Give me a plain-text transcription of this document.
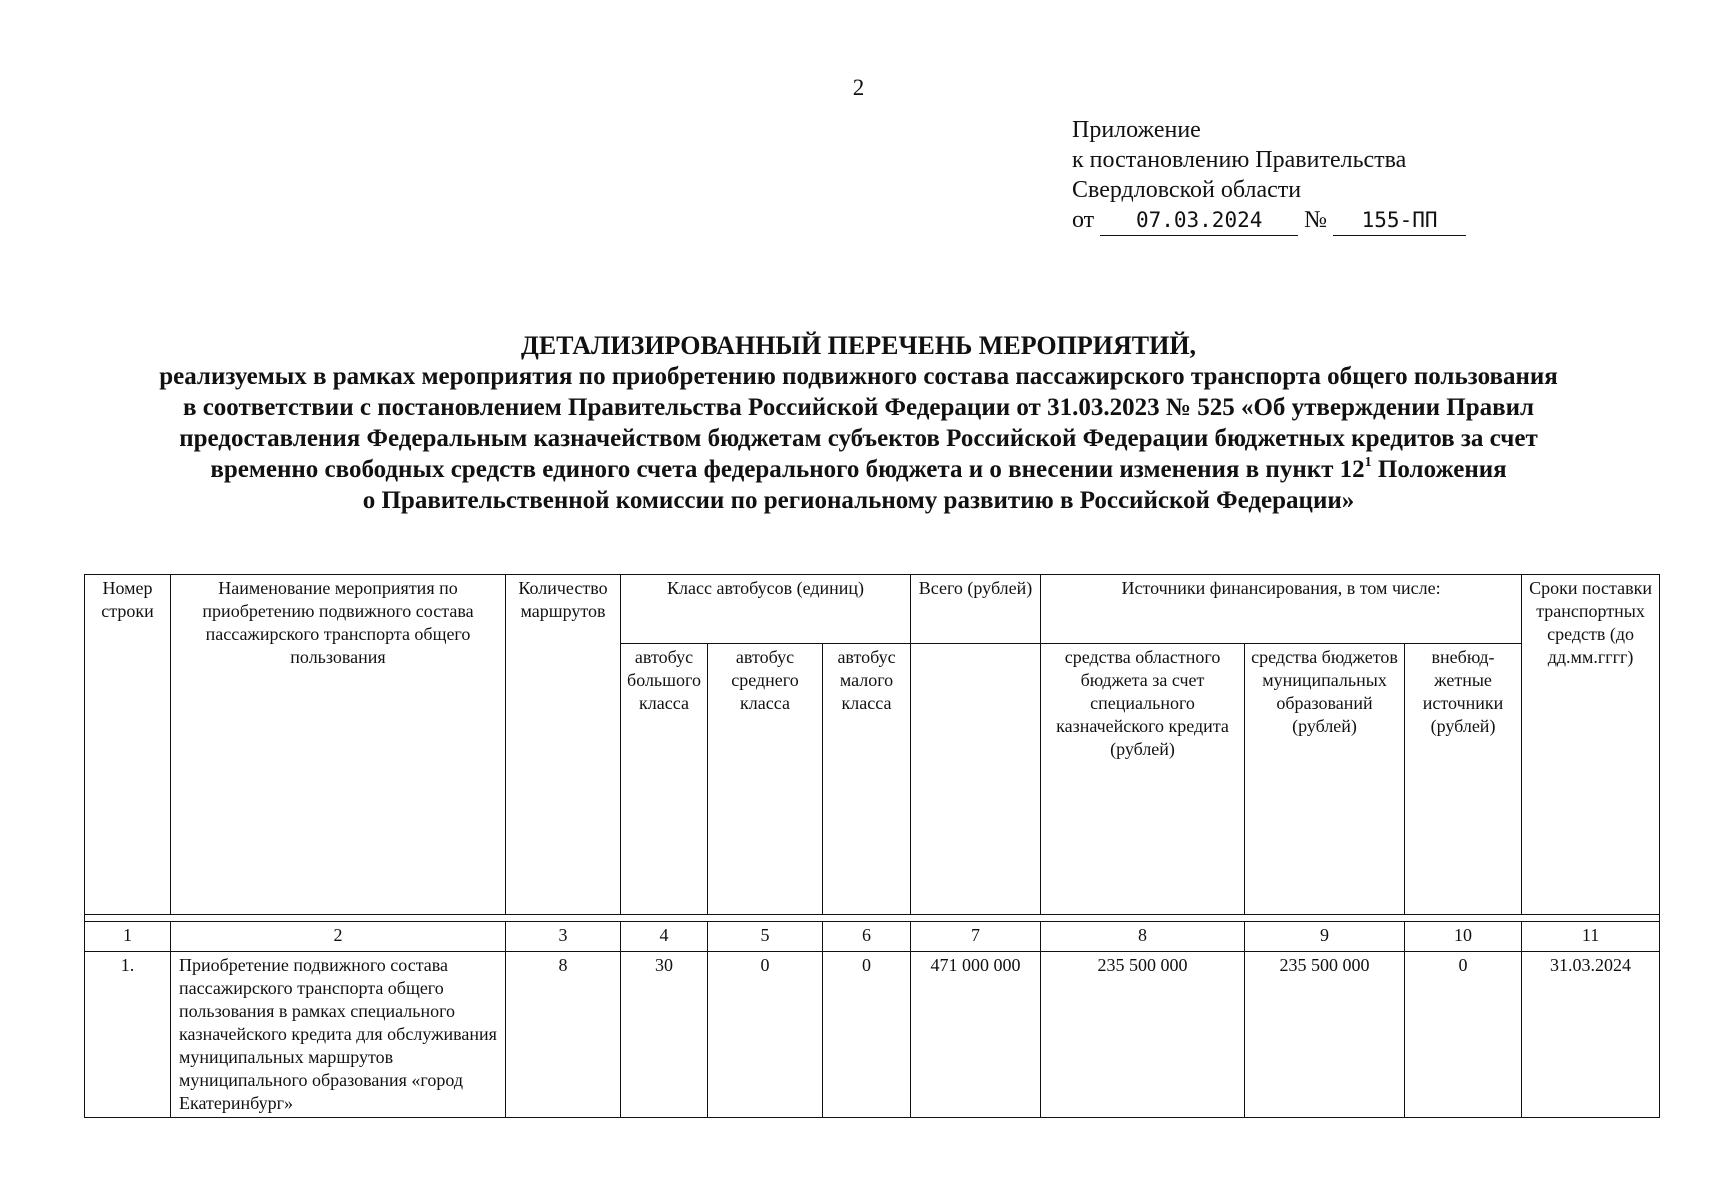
2
Приложение
к постановлению Правительства
Свердловской области
от 07.03.2024 № 155-ПП
ДЕТАЛИЗИРОВАННЫЙ ПЕРЕЧЕНЬ МЕРОПРИЯТИЙ,
реализуемых в рамках мероприятия по приобретению подвижного состава пассажирского транспорта общего пользования
в соответствии с постановлением Правительства Российской Федерации от 31.03.2023 № 525 «Об утверждении Правил
предоставления Федеральным казначейством бюджетам субъектов Российской Федерации бюджетных кредитов за счет
временно свободных средств единого счета федерального бюджета и о внесении изменения в пункт $12^1$ Положения
о Правительственной комиссии по региональному развитию в Российской Федерации»
Номер строки	Наименование мероприятия по приобретению подвижного состава пассажирского транспорта общего пользования	Количество маршрутов	Класс автобусов (единиц)			Всего (рублей)	Источники финансирования, в том числе:			Сроки поставки транспортных средств (до дд.мм.гггг)
			автобус большого класса	автобус среднего класса	автобус малого класса		средства областного бюджета за счет специального казначейского кредита (рублей)	средства бюджетов муниципальных образований (рублей)	внебюд-жетные источники (рублей)	

1	2	3	4	5	6	7	8	9	10	11
1.	Приобретение подвижного состава пассажирского транспорта общего пользования в рамках специального казначейского кредита для обслуживания муниципальных маршрутов муниципального образования «город Екатеринбург»	8	30	0	0	471 000 000	235 500 000	235 500 000	0	31.03.2024
